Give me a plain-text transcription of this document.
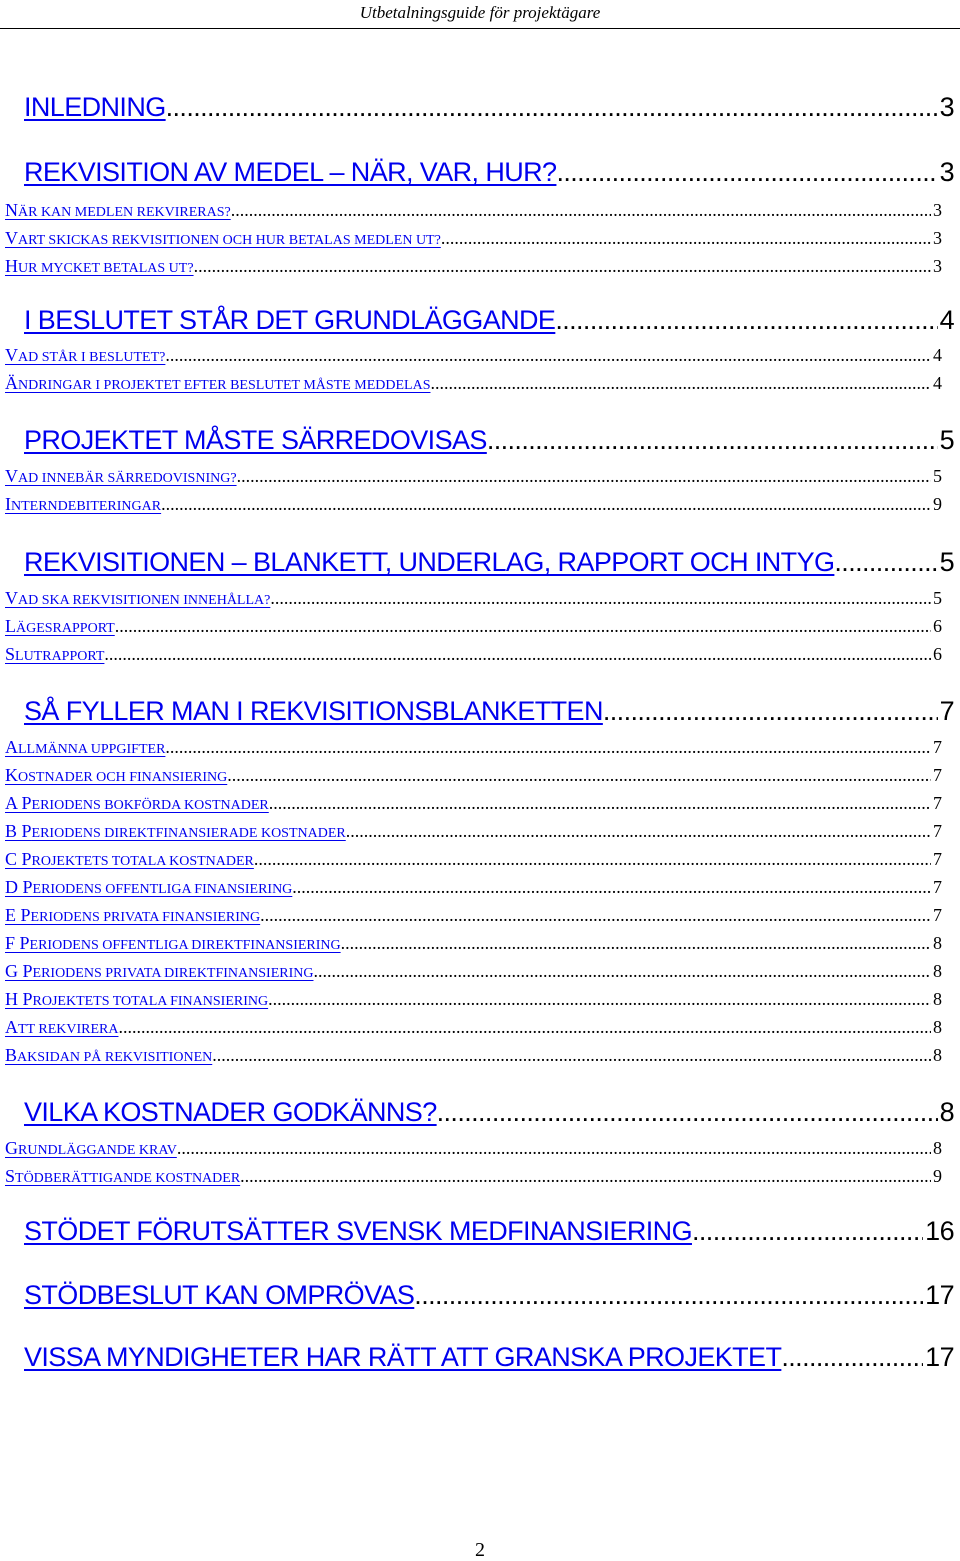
Utbetalningsguide för projektägare
INLEDNING .....	3
REKVISITION AV MEDEL – NÄR, VAR, HUR? .....	3
NÄR KAN MEDLEN REKVIRERAS? .....	3
VART SKICKAS REKVISITIONEN OCH HUR BETALAS MEDLEN UT? .....	3
HUR MYCKET BETALAS UT? .....	3
I BESLUTET STÅR DET GRUNDLÄGGANDE .....	4
VAD STÅR I BESLUTET? .....	4
ÄNDRINGAR I PROJEKTET EFTER BESLUTET MÅSTE MEDDELAS .....	4
PROJEKTET MÅSTE SÄRREDOVISAS .....	5
VAD INNEBÄR SÄRREDOVISNING? .....	5
INTERNDEBITERINGAR .....	9
REKVISITIONEN – BLANKETT, UNDERLAG, RAPPORT OCH INTYG .....	5
VAD SKA REKVISITIONEN INNEHÅLLA? .....	5
LÄGESRAPPORT .....	6
SLUTRAPPORT .....	6
SÅ FYLLER MAN I REKVISITIONSBLANKETTEN .....	7
ALLMÄNNA UPPGIFTER .....	7
KOSTNADER OCH FINANSIERING .....	7
A PERIODENS BOKFÖRDA KOSTNADER .....	7
B PERIODENS DIREKTFINANSIERADE KOSTNADER .....	7
C PROJEKTETS TOTALA KOSTNADER .....	7
D PERIODENS OFFENTLIGA FINANSIERING .....	7
E PERIODENS PRIVATA FINANSIERING .....	7
F PERIODENS OFFENTLIGA DIREKTFINANSIERING .....	8
G PERIODENS PRIVATA DIREKTFINANSIERING .....	8
H PROJEKTETS TOTALA FINANSIERING .....	8
ATT REKVIRERA .....	8
BAKSIDAN PÅ REKVISITIONEN .....	8
VILKA KOSTNADER GODKÄNNS? .....	8
GRUNDLÄGGANDE KRAV .....	8
STÖDBERÄTTIGANDE KOSTNADER .....	9
STÖDET FÖRUTSÄTTER SVENSK MEDFINANSIERING .....	16
STÖDBESLUT KAN OMPRÖVAS .....	17
VISSA MYNDIGHETER HAR RÄTT ATT GRANSKA PROJEKTET .....	17
2
